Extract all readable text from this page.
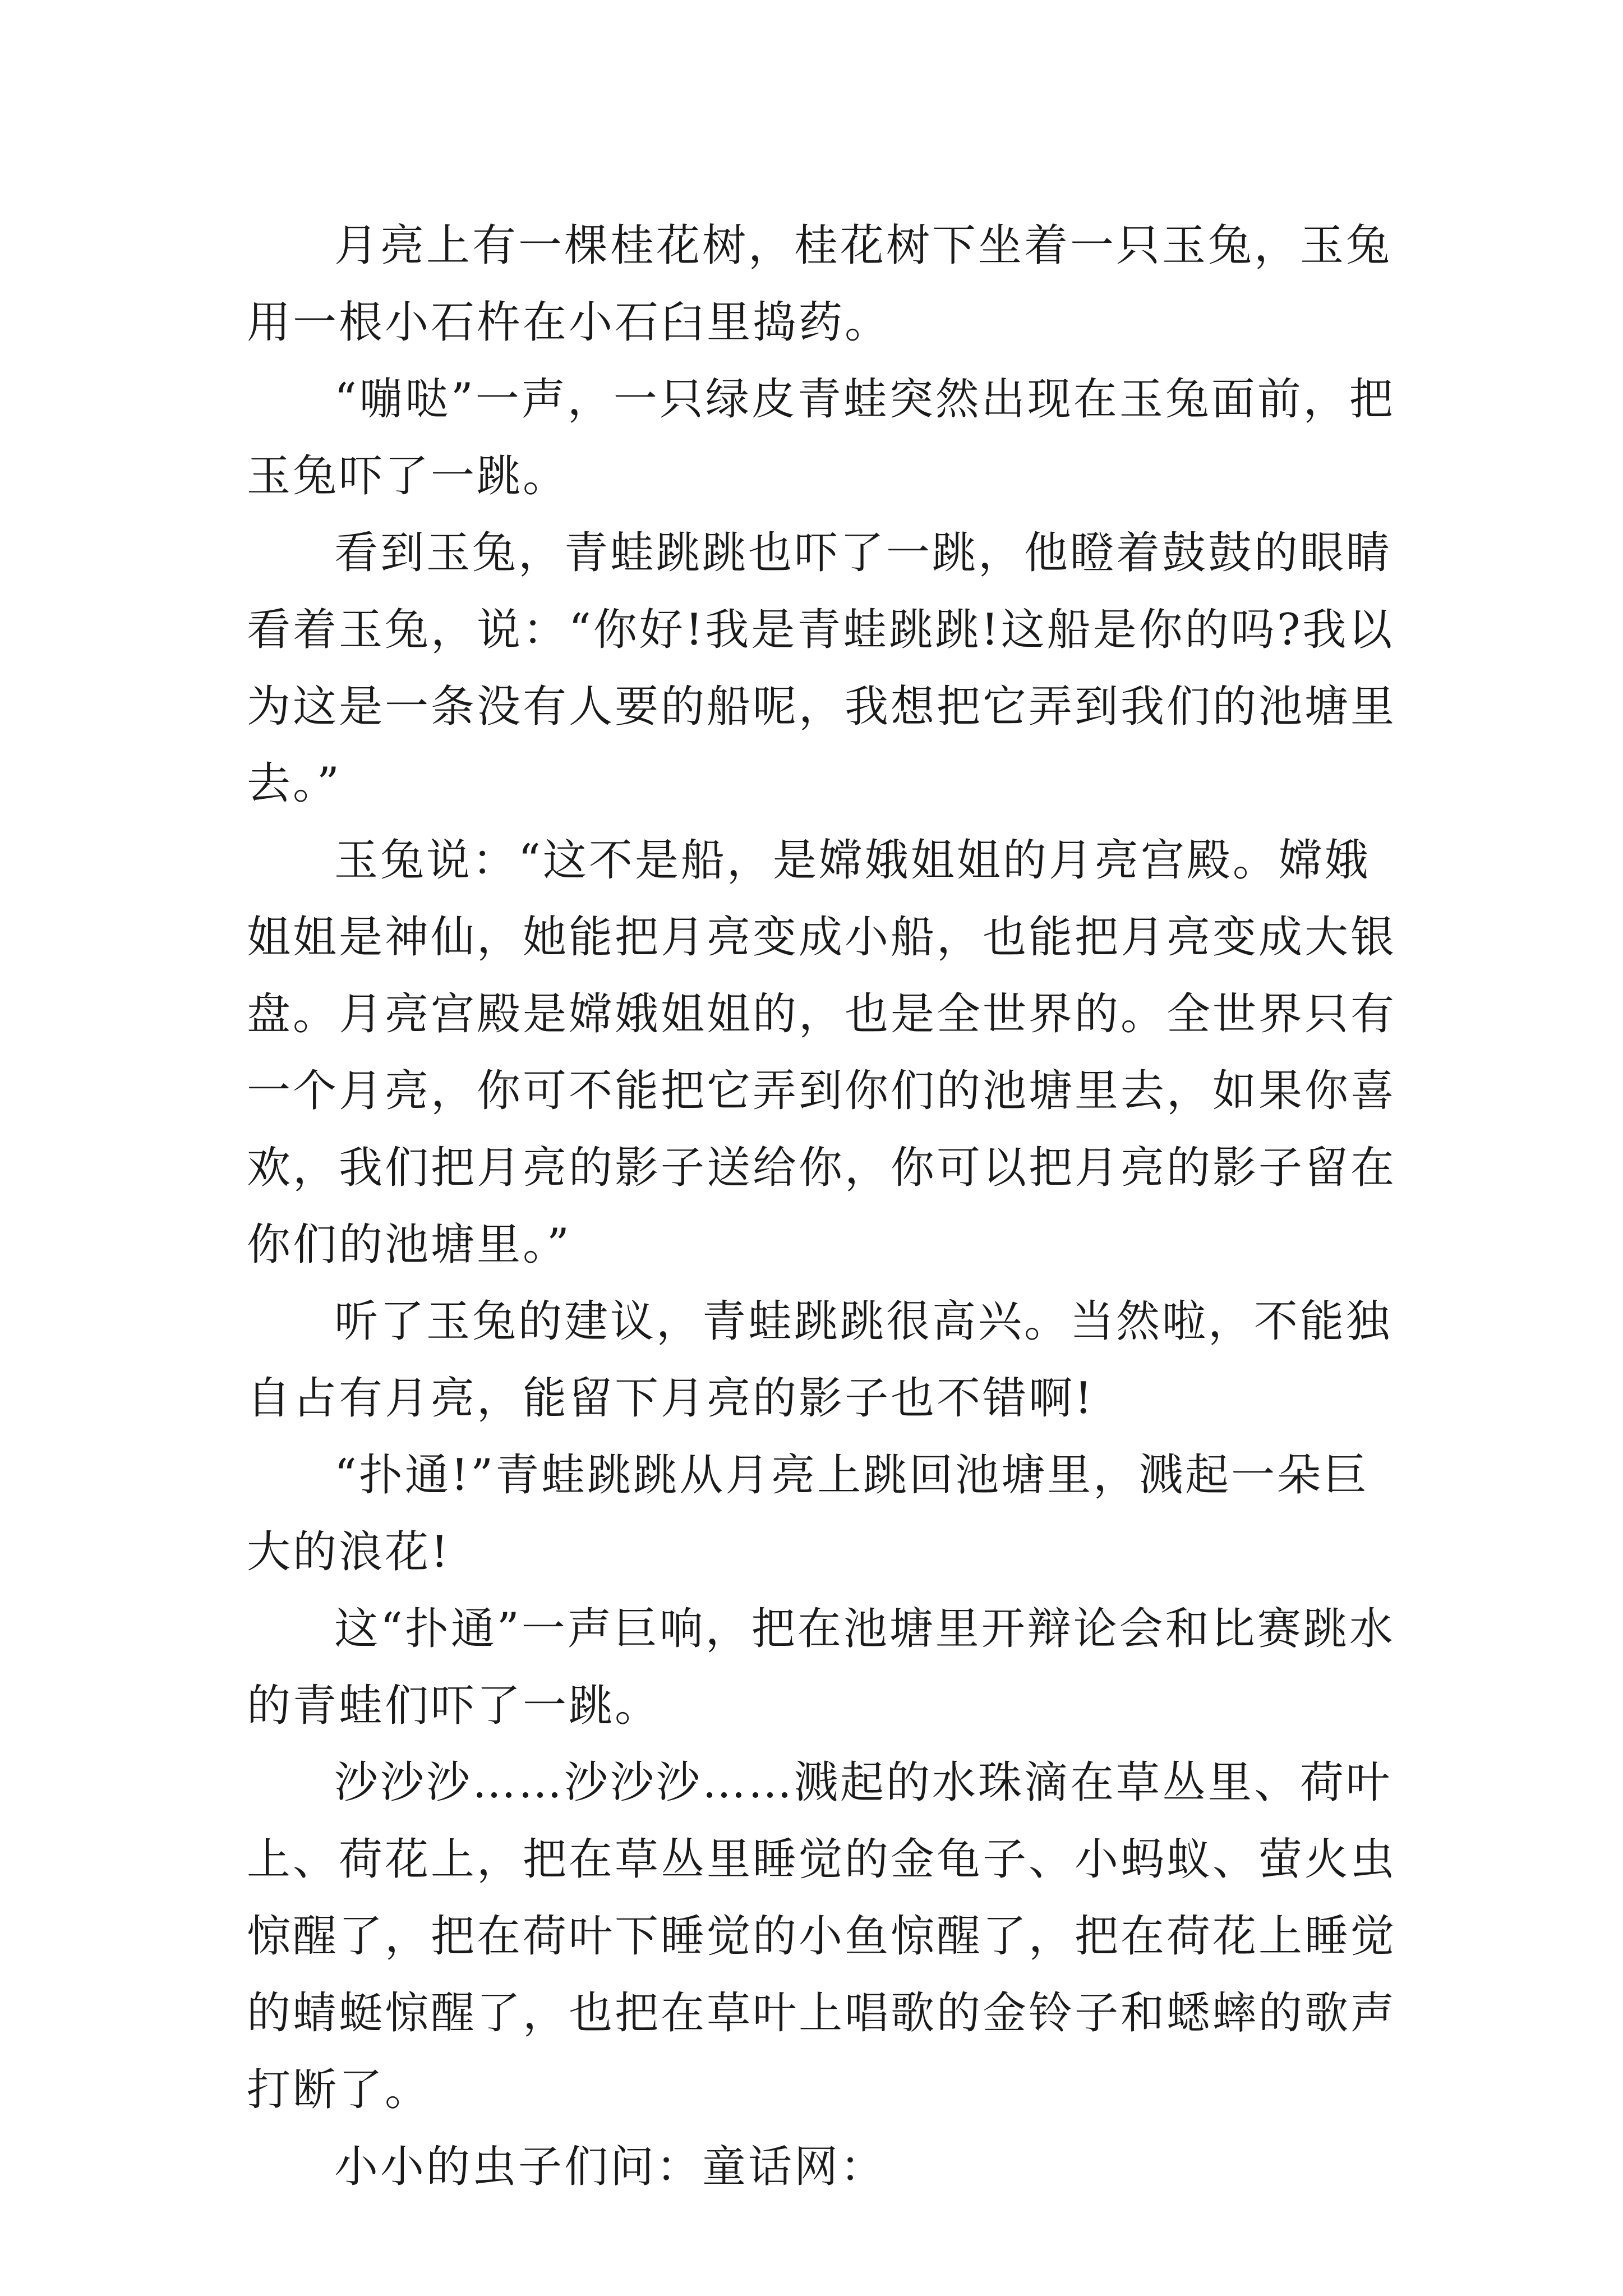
月亮上有一棵桂花树，桂花树下坐着一只玉兔，玉兔用一根小石杵在小石臼里捣药。

“嘣哒”一声，一只绿皮青蛙突然出现在玉兔面前，把玉兔吓了一跳。

看到玉兔，青蛙跳跳也吓了一跳，他瞪着鼓鼓的眼睛看着玉兔，说：“你好!我是青蛙跳跳!这船是你的吗?我以为这是一条没有人要的船呢，我想把它弄到我们的池塘里去。”

玉兔说：“这不是船，是嫦娥姐姐的月亮宫殿。嫦娥姐姐是神仙，她能把月亮变成小船，也能把月亮变成大银盘。月亮宫殿是嫦娥姐姐的，也是全世界的。全世界只有一个月亮，你可不能把它弄到你们的池塘里去，如果你喜欢，我们把月亮的影子送给你，你可以把月亮的影子留在你们的池塘里。”

听了玉兔的建议，青蛙跳跳很高兴。当然啦，不能独自占有月亮，能留下月亮的影子也不错啊!

“扑通!”青蛙跳跳从月亮上跳回池塘里，溅起一朵巨大的浪花!

这“扑通”一声巨响，把在池塘里开辩论会和比赛跳水的青蛙们吓了一跳。

沙沙沙……沙沙沙……溅起的水珠滴在草丛里、荷叶上、荷花上，把在草丛里睡觉的金龟子、小蚂蚁、萤火虫惊醒了，把在荷叶下睡觉的小鱼惊醒了，把在荷花上睡觉的蜻蜓惊醒了，也把在草叶上唱歌的金铃子和蟋蟀的歌声打断了。

小小的虫子们问：童话网：
